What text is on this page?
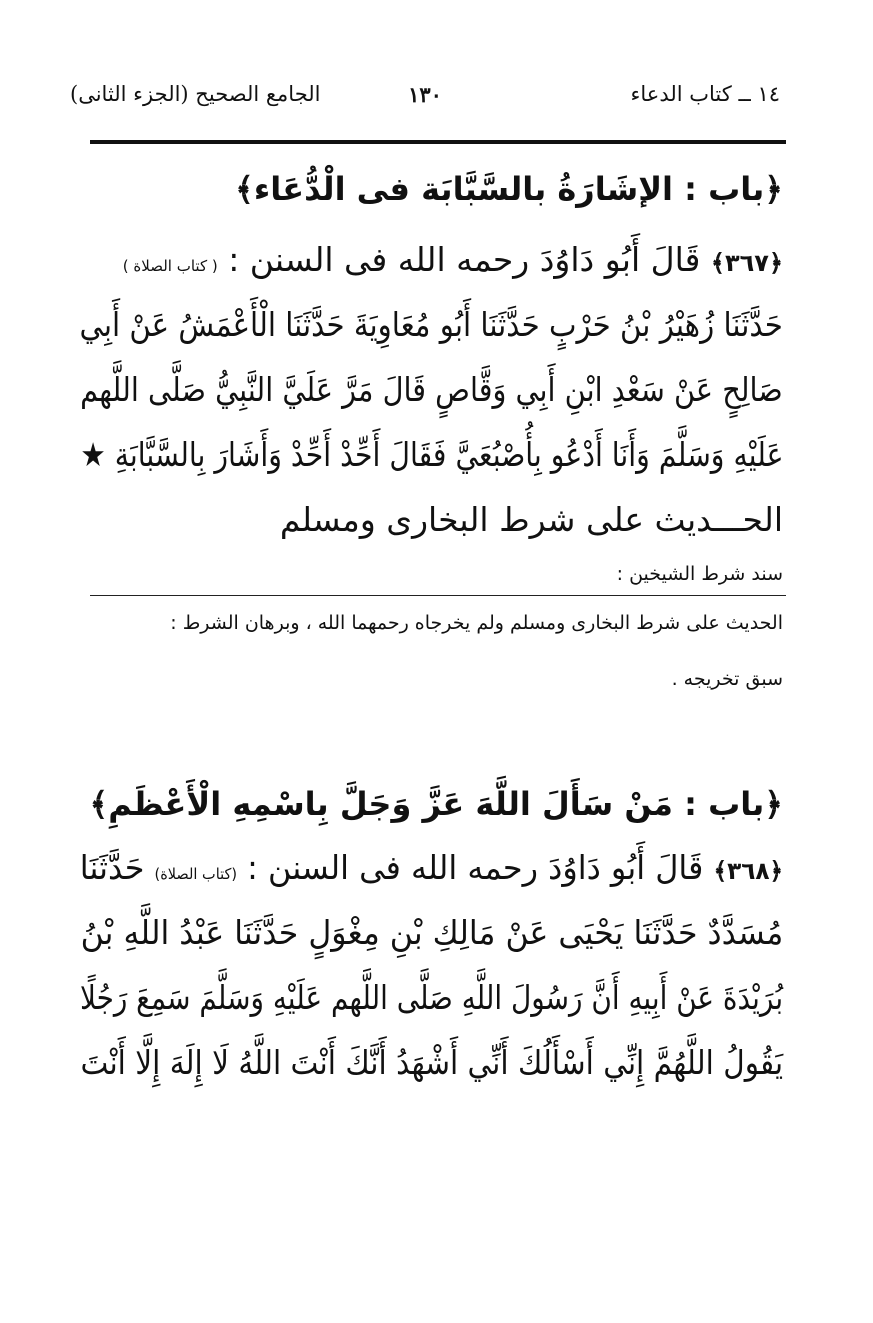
١٤ ــ كتاب الدعاء
١٣٠
الجامع الصحيح (الجزء الثانى)
﴿باب : الإشَارَةُ بالسَّبَّابَة فى الْدُّعَاء﴾
﴿٣٦٧﴾ قَالَ أَبُو دَاوُدَ رحمه الله فى السنن : ( كتاب الصلاة )
حَدَّثَنَا زُهَيْرُ بْنُ حَرْبٍ حَدَّثَنَا أَبُو مُعَاوِيَةَ حَدَّثَنَا الْأَعْمَشُ عَنْ أَبِي
صَالِحٍ عَنْ سَعْدِ ابْنِ أَبِي وَقَّاصٍ قَالَ مَرَّ عَلَيَّ النَّبِيُّ صَلَّى اللَّهم
عَلَيْهِ وَسَلَّمَ وَأَنَا أَدْعُو بِأُصْبُعَيَّ فَقَالَ أَحِّدْ أَحِّدْ وَأَشَارَ بِالسَّبَّابَةِ ★
الحـــديث على شرط البخارى ومسلم
سند شرط الشيخين :
الحديث على شرط البخارى ومسلم ولم يخرجاه رحمهما الله ، وبرهان الشرط :
سبق تخريجه .
﴿باب : مَنْ سَأَلَ اللَّهَ عَزَّ وَجَلَّ بِاسْمِهِ الْأَعْظَمِ﴾
﴿٣٦٨﴾ قَالَ أَبُو دَاوُدَ رحمه الله فى السنن : (كتاب الصلاة) حَدَّثَنَا
مُسَدَّدٌ حَدَّثَنَا يَحْيَى عَنْ مَالِكِ بْنِ مِغْوَلٍ حَدَّثَنَا عَبْدُ اللَّهِ بْنُ
بُرَيْدَةَ عَنْ أَبِيهِ أَنَّ رَسُولَ اللَّهِ صَلَّى اللَّهم عَلَيْهِ وَسَلَّمَ سَمِعَ رَجُلًا
يَقُولُ اللَّهُمَّ إِنِّي أَسْأَلُكَ أَنِّي أَشْهَدُ أَنَّكَ أَنْتَ اللَّهُ لَا إِلَهَ إِلَّا أَنْتَ
